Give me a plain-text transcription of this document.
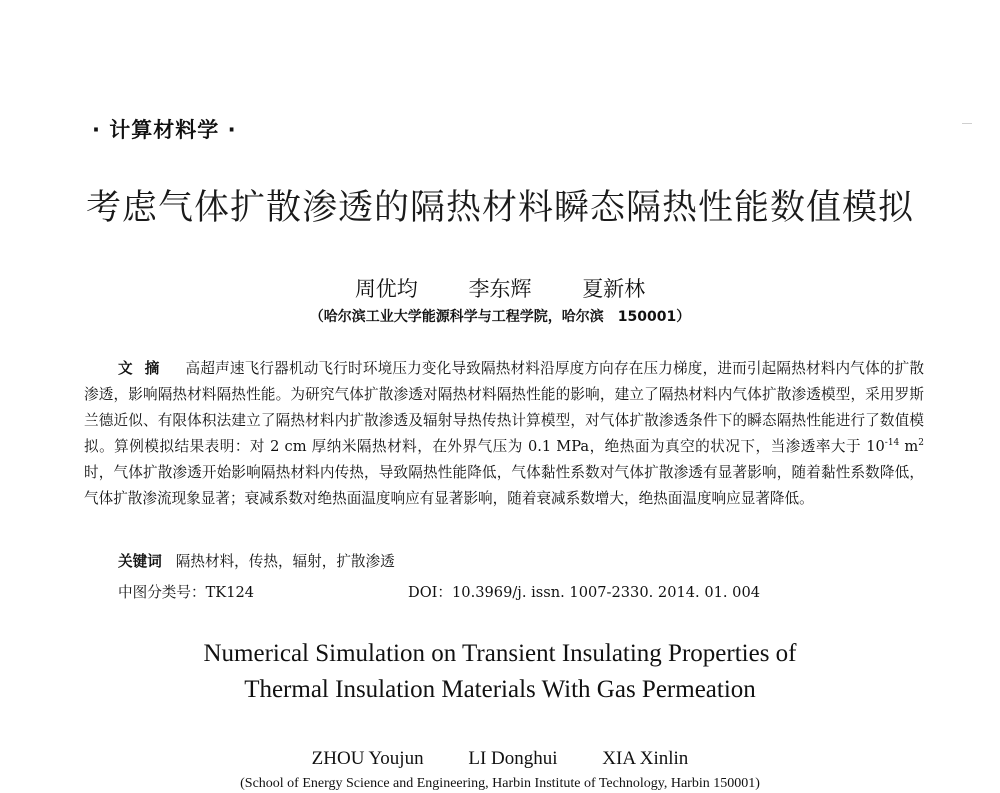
· 计算材料学 ·
考虑气体扩散渗透的隔热材料瞬态隔热性能数值模拟
周优均 李东辉 夏新林
（哈尔滨工业大学能源科学与工程学院，哈尔滨　150001）
文摘 高超声速飞行器机动飞行时环境压力变化导致隔热材料沿厚度方向存在压力梯度，进而引起隔热材料内气体的扩散渗透，影响隔热材料隔热性能。为研究气体扩散渗透对隔热材料隔热性能的影响，建立了隔热材料内气体扩散渗透模型，采用罗斯兰德近似、有限体积法建立了隔热材料内扩散渗透及辐射导热传热计算模型，对气体扩散渗透条件下的瞬态隔热性能进行了数值模拟。算例模拟结果表明：对 2 cm 厚纳米隔热材料，在外界气压为 0.1 MPa，绝热面为真空的状况下，当渗透率大于 $10^{-14}$ $m^2$ 时，气体扩散渗透开始影响隔热材料内传热，导致隔热性能降低，气体黏性系数对气体扩散渗透有显著影响，随着黏性系数降低，气体扩散渗流现象显著；衰减系数对绝热面温度响应有显著影响，随着衰减系数增大，绝热面温度响应显著降低。
关键词 隔热材料，传热，辐射，扩散渗透
中图分类号：TK124	DOI：10.3969/j. issn. 1007-2330. 2014. 01. 004
Numerical Simulation on Transient Insulating Properties of
Thermal Insulation Materials With Gas Permeation
ZHOU Youjun LI Donghui XIA Xinlin
(School of Energy Science and Engineering, Harbin Institute of Technology, Harbin 150001)
